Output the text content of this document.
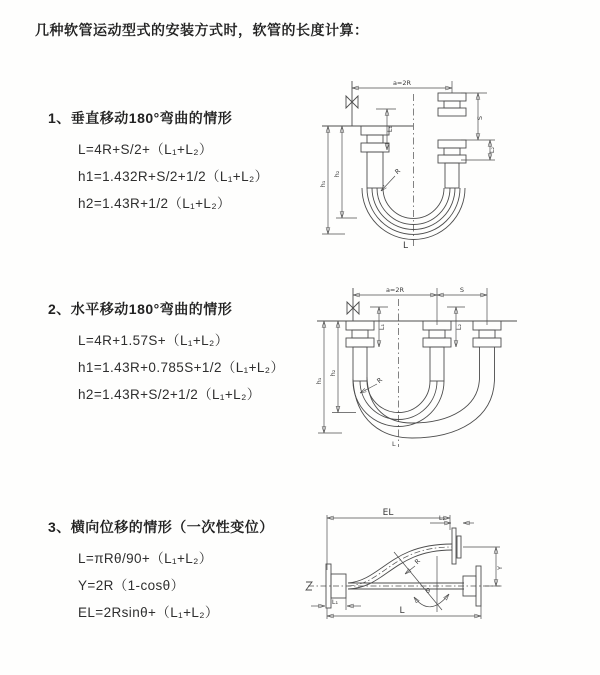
几种软管运动型式的安装方式时，软管的长度计算：
1、垂直移动180°弯曲的情形
L=4R+S/2+（L₁+L₂）
h1=1.432R+S/2+1/2（L₁+L₂）
h2=1.43R+1/2（L₁+L₂）
2、水平移动180°弯曲的情形
L=4R+1.57S+（L₁+L₂）
h1=1.43R+0.785S+1/2（L₁+L₂）
h2=1.43R+S/2+1/2（L₁+L₂）
3、横向位移的情形（一次性变位）
L=πRθ/90+（L₁+L₂）
Y=2R（1-cosθ）
EL=2Rsinθ+（L₁+L₂）
a=2R
h₁
h₂
L₁
S
L₂
R
L
a=2R	S
h₁
h₂
L₁	L₂
R
L
EL	L₂
Y
θ
R
L₁
L
